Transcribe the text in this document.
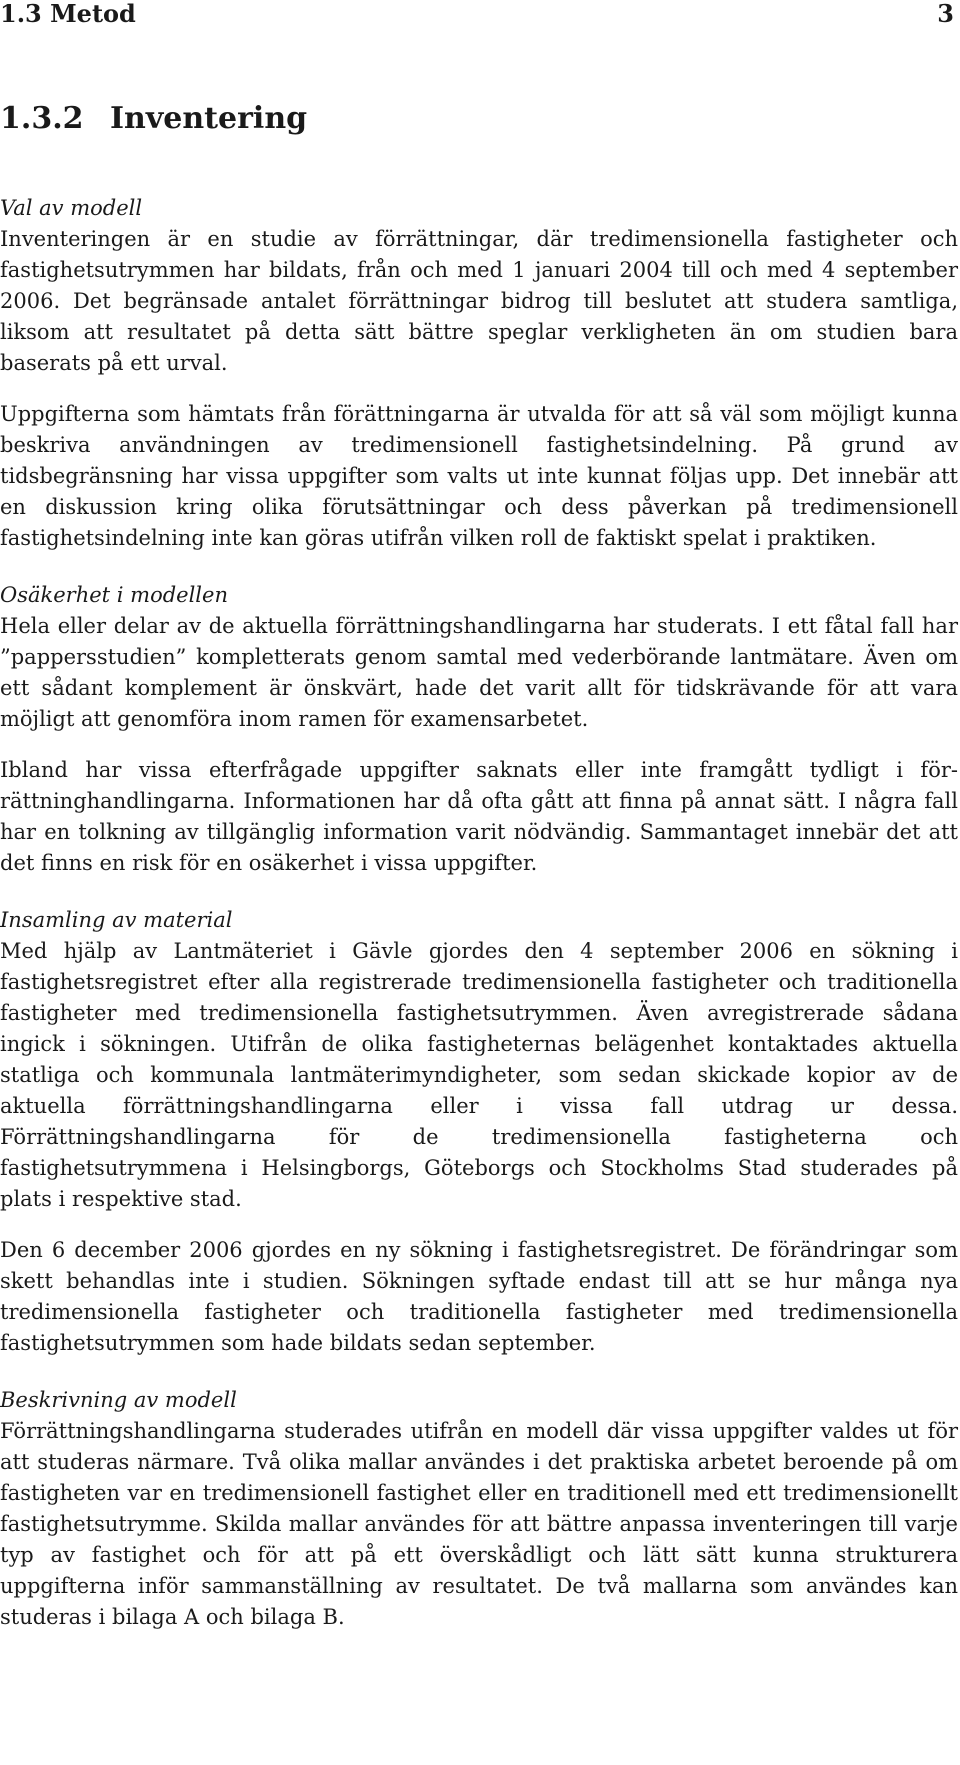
1.3 Metod	3
1.3.2 Inventering

Val av modell

Inventeringen är en studie av förrättningar, där tredimensionella fastigheter och fastighetsutrymmen har bildats, från och med 1 januari 2004 till och med 4 september 2006. Det begränsade antalet förrättningar bidrog till beslutet att studera samtliga, liksom att resultatet på detta sätt bättre speglar verkligheten än om studien bara baserats på ett urval.

Uppgifterna som hämtats från förättningarna är utvalda för att så väl som möjligt kunna beskriva användningen av tredimensionell fastighetsindelning. På grund av tidsbegränsning har vissa uppgifter som valts ut inte kunnat följas upp. Det innebär att en diskussion kring olika förutsättningar och dess påverkan på tredimensionell fastighetsindelning inte kan göras utifrån vilken roll de faktiskt spelat i praktiken.

Osäkerhet i modellen

Hela eller delar av de aktuella förrättningshandlingarna har studerats. I ett fåtal fall har ”pappersstudien” kompletterats genom samtal med vederbörande lantmätare. Även om ett sådant komplement är önskvärt, hade det varit allt för tidskrävande för att vara möjligt att genomföra inom ramen för examensarbetet.

Ibland har vissa efterfrågade uppgifter saknats eller inte framgått tydligt i förrättninghandlingarna. Informationen har då ofta gått att finna på annat sätt. I några fall har en tolkning av tillgänglig information varit nödvändig. Sammantaget innebär det att det finns en risk för en osäkerhet i vissa uppgifter.

Insamling av material

Med hjälp av Lantmäteriet i Gävle gjordes den 4 september 2006 en sökning i fastighetsregistret efter alla registrerade tredimensionella fastigheter och traditionella fastigheter med tredimensionella fastighetsutrymmen. Även avregistrerade sådana ingick i sökningen. Utifrån de olika fastigheternas belägenhet kontaktades aktuella statliga och kommunala lantmäterimyndigheter, som sedan skickade kopior av de aktuella förrättningshandlingarna eller i vissa fall utdrag ur dessa. Förrättningshandlingarna för de tredimensionella fastigheterna och fastighetsutrymmena i Helsingborgs, Göteborgs och Stockholms Stad studerades på plats i respektive stad.

Den 6 december 2006 gjordes en ny sökning i fastighetsregistret. De förändringar som skett behandlas inte i studien. Sökningen syftade endast till att se hur många nya tredimensionella fastigheter och traditionella fastigheter med tredimensionella fastighetsutrymmen som hade bildats sedan september.

Beskrivning av modell

Förrättningshandlingarna studerades utifrån en modell där vissa uppgifter valdes ut för att studeras närmare. Två olika mallar användes i det praktiska arbetet beroende på om fastigheten var en tredimensionell fastighet eller en traditionell med ett tredimensionellt fastighetsutrymme. Skilda mallar användes för att bättre anpassa inventeringen till varje typ av fastighet och för att på ett överskådligt och lätt sätt kunna strukturera uppgifterna inför sammanställning av resultatet. De två mallarna som användes kan studeras i bilaga A och bilaga B.
